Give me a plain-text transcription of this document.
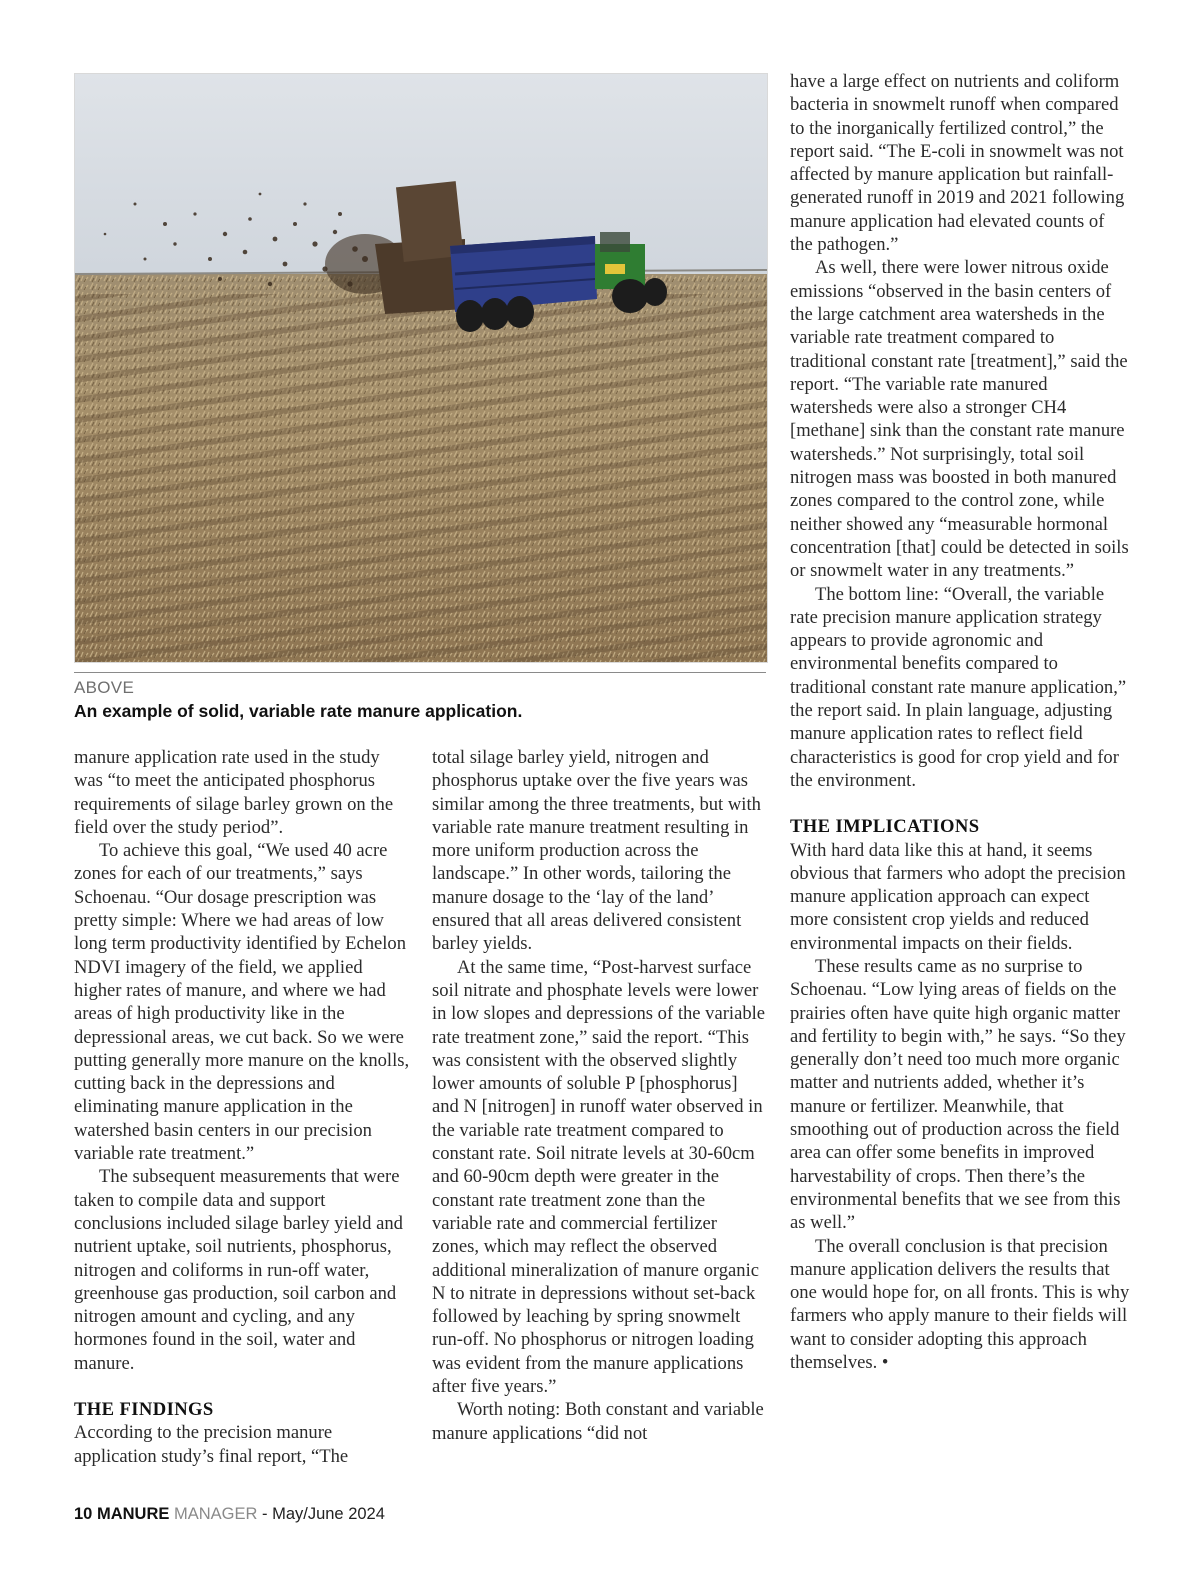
ABOVE
An example of solid, variable rate manure application.

manure application rate used in the study was “to meet the anticipated phosphorus requirements of silage barley grown on the field over the study period”.

To achieve this goal, “We used 40 acre zones for each of our treatments,” says Schoenau. “Our dosage prescription was pretty simple: Where we had areas of low long term productivity identified by Echelon NDVI imagery of the field, we applied higher rates of manure, and where we had areas of high productivity like in the depressional areas, we cut back. So we were putting generally more manure on the knolls, cutting back in the depressions and eliminating manure application in the watershed basin centers in our precision variable rate treatment.”

The subsequent measurements that were taken to compile data and support conclusions included silage barley yield and nutrient uptake, soil nutrients, phosphorus, nitrogen and coliforms in run-off water, greenhouse gas production, soil carbon and nitrogen amount and cycling, and any hormones found in the soil, water and manure.

THE FINDINGS

According to the precision manure application study’s final report, “The

total silage barley yield, nitrogen and phosphorus uptake over the five years was similar among the three treatments, but with variable rate manure treatment resulting in more uniform production across the landscape.” In other words, tailoring the manure dosage to the ‘lay of the land’ ensured that all areas delivered consistent barley yields.

At the same time, “Post-harvest surface soil nitrate and phosphate levels were lower in low slopes and depressions of the variable rate treatment zone,” said the report. “This was consistent with the observed slightly lower amounts of soluble P [phosphorus] and N [nitrogen] in runoff water observed in the variable rate treatment compared to constant rate. Soil nitrate levels at 30-60cm and 60-90cm depth were greater in the constant rate treatment zone than the variable rate and commercial fertilizer zones, which may reflect the observed additional mineralization of manure organic N to nitrate in depressions without set-back followed by leaching by spring snowmelt run-off. No phosphorus or nitrogen loading was evident from the manure applications after five years.”

Worth noting: Both constant and variable manure applications “did not

have a large effect on nutrients and coliform bacteria in snowmelt runoff when compared to the inorganically fertilized control,” the report said. “The E-coli in snowmelt was not affected by manure application but rainfall-generated runoff in 2019 and 2021 following manure application had elevated counts of the pathogen.”

As well, there were lower nitrous oxide emissions “observed in the basin centers of the large catchment area watersheds in the variable rate treatment compared to traditional constant rate [treatment],” said the report. “The variable rate manured watersheds were also a stronger CH4 [methane] sink than the constant rate manure watersheds.” Not surprisingly, total soil nitrogen mass was boosted in both manured zones compared to the control zone, while neither showed any “measurable hormonal concentration [that] could be detected in soils or snowmelt water in any treatments.”

The bottom line: “Overall, the variable rate precision manure application strategy appears to provide agronomic and environmental benefits compared to traditional constant rate manure application,” the report said. In plain language, adjusting manure application rates to reflect field characteristics is good for crop yield and for the environment.

THE IMPLICATIONS

With hard data like this at hand, it seems obvious that farmers who adopt the precision manure application approach can expect more consistent crop yields and reduced environmental impacts on their fields.

These results came as no surprise to Schoenau. “Low lying areas of fields on the prairies often have quite high organic matter and fertility to begin with,” he says. “So they generally don’t need too much more organic matter and nutrients added, whether it’s manure or fertilizer. Meanwhile, that smoothing out of production across the field area can offer some benefits in improved harvestability of crops. Then there’s the environmental benefits that we see from this as well.”

The overall conclusion is that precision manure application delivers the results that one would hope for, on all fronts. This is why farmers who apply manure to their fields will want to consider adopting this approach themselves. •

10 MANURE MANAGER - May/June 2024
